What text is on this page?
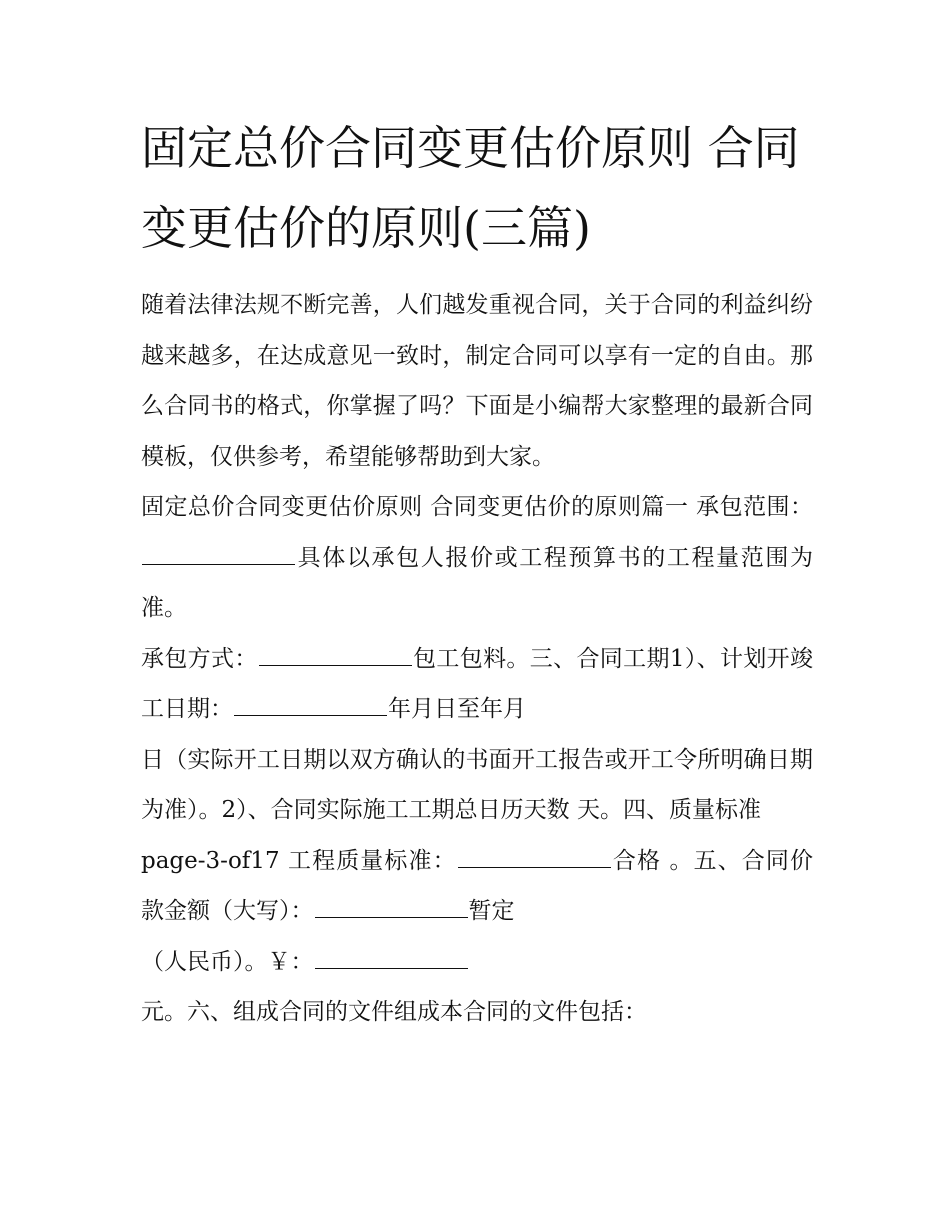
固定总价合同变更估价原则 合同变更估价的原则(三篇)

随着法律法规不断完善，人们越发重视合同，关于合同的利益纠纷越来越多，在达成意见一致时，制定合同可以享有一定的自由。那么合同书的格式，你掌握了吗？下面是小编帮大家整理的最新合同模板，仅供参考，希望能够帮助到大家。

固定总价合同变更估价原则 合同变更估价的原则篇一 承包范围：具体以承包人报价或工程预算书的工程量范围为准。

承包方式：	包工包料。三、合同工期1）、计划开竣工日期：	年月日至年月

日（实际开工日期以双方确认的书面开工报告或开工令所明确日期为准）。2）、合同实际施工工期总日历天数 天。四、质量标准

page-3-of17 工程质量标准：	合格 。五、合同价款金额（大写）：	暂定

（人民币）。￥：

元。六、组成合同的文件组成本合同的文件包括：
